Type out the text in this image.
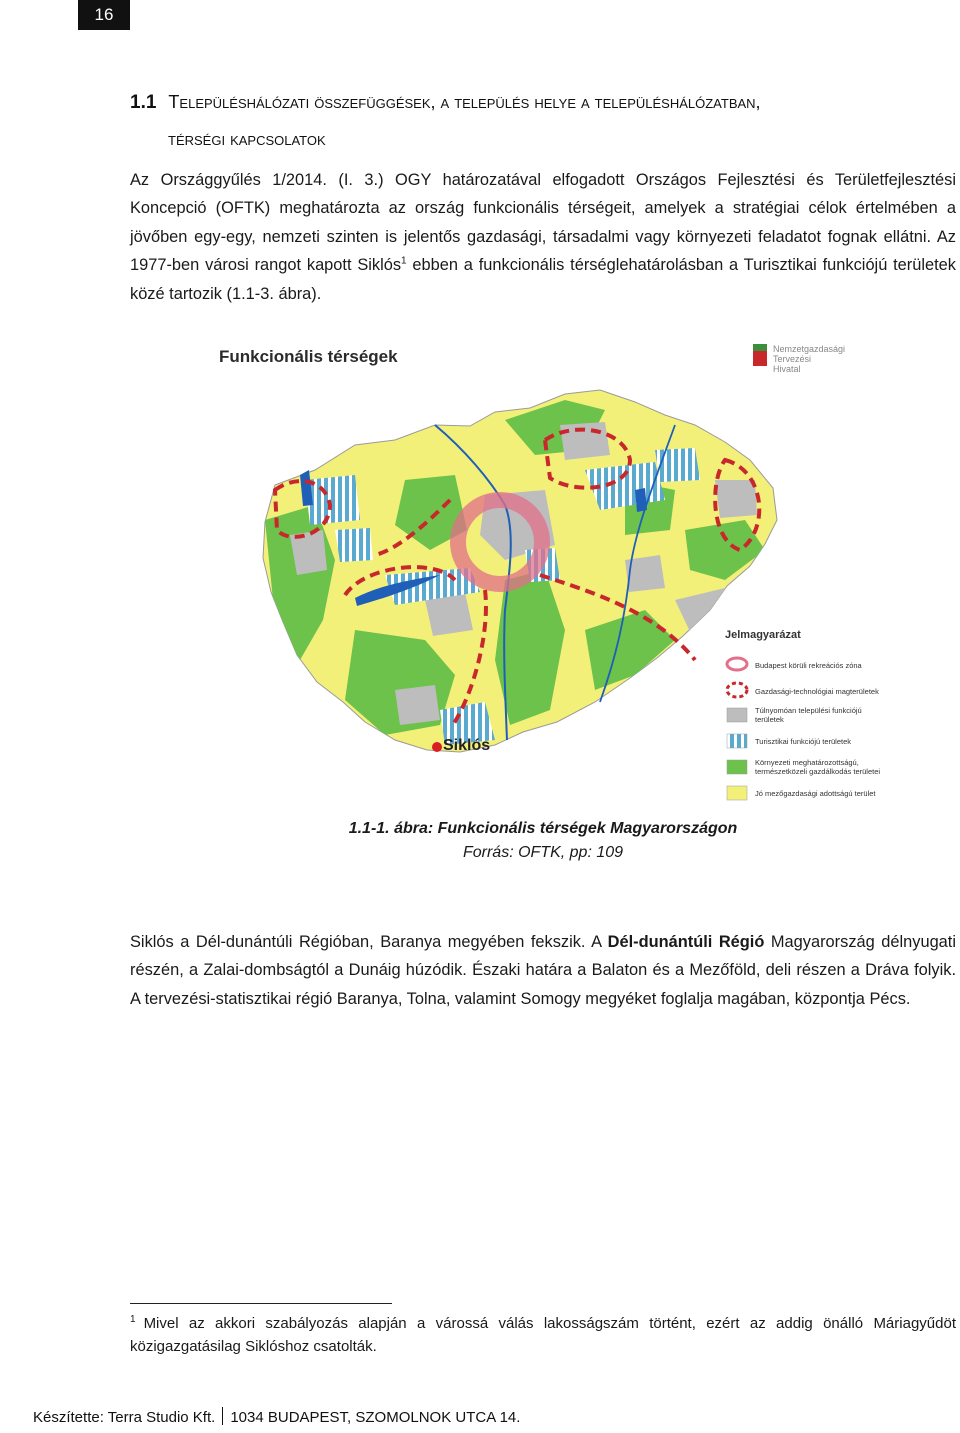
16
1.1 Településhálózati összefüggések, a település helye a településhálózatban,
térségi kapcsolatok

Az Országgyűlés 1/2014. (I. 3.) OGY határozatával elfogadott Országos Fejlesztési és Területfejlesztési Koncepció (OFTK) meghatározta az ország funkcionális térségeit, amelyek a stratégiai célok értelmében a jövőben egy-egy, nemzeti szinten is jelentős gazdasági, társadalmi vagy környezeti feladatot fognak ellátni. Az 1977-ben városi rangot kapott Siklós$^1$ ebben a funkcionális térséglehatárolásban a Turisztikai funkciójú területek közé tartozik (1.1-3. ábra).

Funkcionális térségek	Nemzetgazdasági
Tervezési
Hivatal
Jelmagyarázat
Budapest körüli rekreációs zóna
Gazdasági-technológiai magterületek
Túlnyomóan települési funkciójú területek
Turisztikai funkciójú területek
Környezeti meghatározottságú, természetközeli gazdálkodás területei
Jó mezőgazdasági adottságú terület
Siklós
1.1-1. ábra: Funkcionális térségek Magyarországon
Forrás: OFTK, pp: 109

Siklós a Dél-dunántúli Régióban, Baranya megyében fekszik. A Dél-dunántúli Régió Magyarország délnyugati részén, a Zalai-dombságtól a Dunáig húzódik. Északi határa a Balaton és a Mezőföld, deli részen a Dráva folyik. A tervezési-statisztikai régió Baranya, Tolna, valamint Somogy megyéket foglalja magában, központja Pécs.

$^1$ Mivel az akkori szabályozás alapján a várossá válás lakosságszám történt, ezért az addig önálló Máriagyűdöt közigazgatásilag Siklóshoz csatolták.

Készítette: Terra Studio Kft. 1034 BUDAPEST, SZOMOLNOK UTCA 14.
